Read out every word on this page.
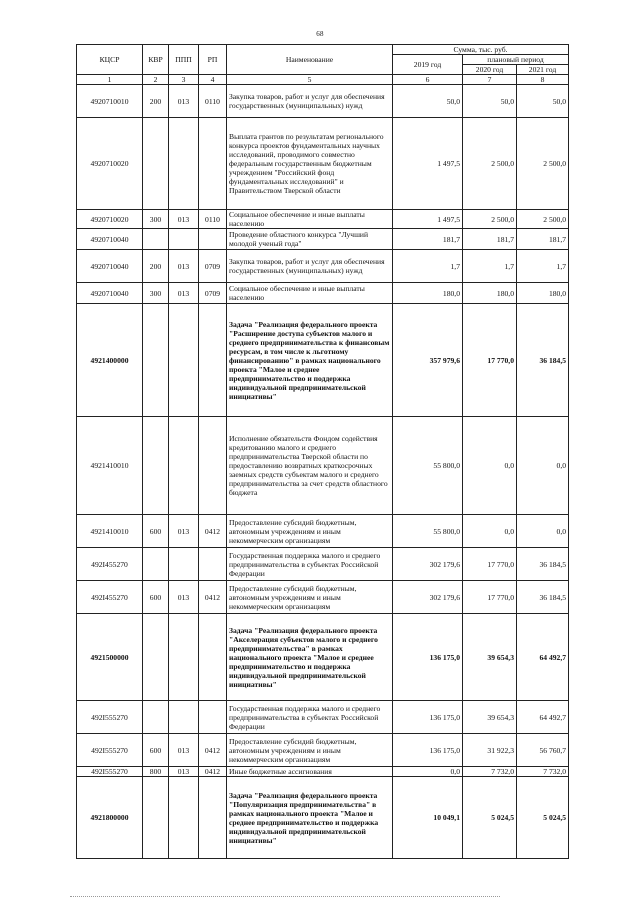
68
КЦСР	КВР	ППП	РП	Наименование	Сумма, тыс. руб.		
					2019 год	плановый период	
						2020 год	2021 год
1	2	3	4	5	6	7	8
4920710010	200	013	0110	Закупка товаров, работ и услуг для обеспечения государственных (муниципальных) нужд	50,0	50,0	50,0
4920710020				Выплата грантов по результатам регионального конкурса проектов фундаментальных научных исследований, проводимого совместно федеральным государственным бюджетным учреждением "Российский фонд фундаментальных исследований" и Правительством Тверской области	1 497,5	2 500,0	2 500,0
4920710020	300	013	0110	Социальное обеспечение и иные выплаты населению	1 497,5	2 500,0	2 500,0
4920710040				Проведение областного конкурса "Лучший молодой ученый года"	181,7	181,7	181,7
4920710040	200	013	0709	Закупка товаров, работ и услуг для обеспечения государственных (муниципальных) нужд	1,7	1,7	1,7
4920710040	300	013	0709	Социальное обеспечение и иные выплаты населению	180,0	180,0	180,0
4921400000				Задача "Реализация федерального проекта "Расширение доступа субъектов малого и среднего предпринимательства к финансовым ресурсам, в том числе к льготному финансированию" в рамках национального проекта "Малое и среднее предпринимательство и поддержка индивидуальной предпринимательской инициативы"	357 979,6	17 770,0	36 184,5
4921410010				Исполнение обязательств Фондом содействия кредитованию малого и среднего предпринимательства Тверской области по предоставлению возвратных краткосрочных заемных средств субъектам малого и среднего предпринимательства за счет средств областного бюджета	55 800,0	0,0	0,0
4921410010	600	013	0412	Предоставление субсидий бюджетным, автономным учреждениям и иным некоммерческим организациям	55 800,0	0,0	0,0
492I455270				Государственная поддержка малого и среднего предпринимательства в субъектах Российской Федерации	302 179,6	17 770,0	36 184,5
492I455270	600	013	0412	Предоставление субсидий бюджетным, автономным учреждениям и иным некоммерческим организациям	302 179,6	17 770,0	36 184,5
4921500000				Задача "Реализация федерального проекта "Акселерация субъектов малого и среднего предпринимательства" в рамках национального проекта "Малое и среднее предпринимательство и поддержка индивидуальной предпринимательской инициативы"	136 175,0	39 654,3	64 492,7
492I555270				Государственная поддержка малого и среднего предпринимательства в субъектах Российской Федерации	136 175,0	39 654,3	64 492,7
492I555270	600	013	0412	Предоставление субсидий бюджетным, автономным учреждениям и иным некоммерческим организациям	136 175,0	31 922,3	56 760,7
492I555270	800	013	0412	Иные бюджетные ассигнования	0,0	7 732,0	7 732,0
4921800000				Задача "Реализация федерального проекта "Популяризация предпринимательства" в рамках национального проекта "Малое и среднее предпринимательство и поддержка индивидуальной предпринимательской инициативы"	10 049,1	5 024,5	5 024,5
